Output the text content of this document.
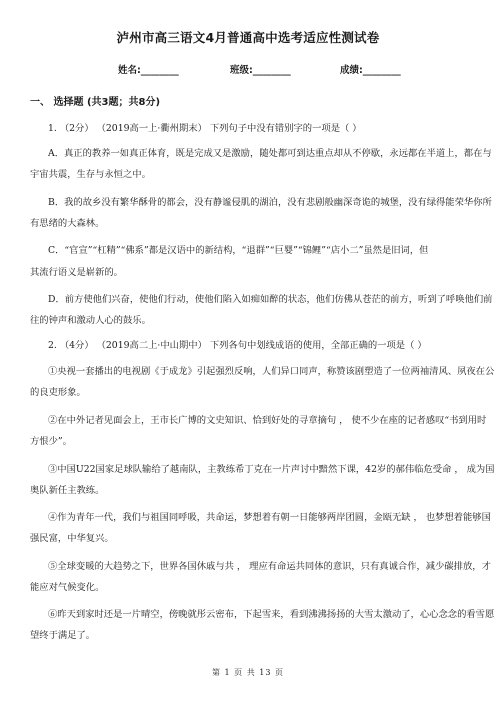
泸州市高三语文4月普通高中选考适应性测试卷
姓名:________	班级:________	成绩:________
一、 选择题 (共3题；共8分)
1. （2分） （2019高一上·衢州期末） 下列句子中没有错别字的一项是（ ）
A．真正的教养一如真正体育，既是完成又是激励，随处都可到达重点却从不停歇，永远都在半道上，都在与
宇宙共震，生存与永恒之中。
B．我的故乡没有繁华酥骨的都会，没有静谧侵肌的湖泊，没有悲剧般幽深奇诡的城堡，没有绿得能荣华你所
有思绪的大森林。
C．“官宣”“杠精”“佛系”都是汉语中的新结构，“退群”“巨婴”“锦鲤”“店小二”虽然是旧词，但
其流行语义是崭新的。
D．前方使他们兴奋，使他们行动，使他们陷入如痴如醉的状态，他们仿佛从苍茫的前方，听到了呼唤他们前
往的钟声和激动人心的鼓乐。
2. （4分） （2019高二上·中山期中） 下列各句中划线成语的使用，全部正确的一项是（ ）
①央视一套播出的电视剧《于成龙》引起强烈反响，人们异口同声，称赞该剧塑造了一位两袖清风、夙夜在公
的良吏形象。
②在中外记者见面会上，王市长广博的文史知识、恰到好处的寻章摘句 ， 使不少在座的记者感叹“书到用时
方恨少”。
③中国U22国家足球队输给了越南队，主教练希丁克在一片声讨中黯然下课，42岁的郝伟临危受命 ， 成为国
奥队新任主教练。
④作为青年一代，我们与祖国同呼吸，共命运，梦想着有朝一日能够两岸团圆，金瓯无缺 ， 也梦想着能够国
强民富，中华复兴。
⑤全球变暖的大趋势之下，世界各国休戚与共 ， 理应有命运共同体的意识，只有真诚合作，减少碳排放，才
能应对气候变化。
⑥昨天到家时还是一片晴空，傍晚就彤云密布，下起雪来，看到沸沸扬扬的大雪太激动了，心心念念的看雪愿
望终于满足了。
第 1 页 共 13 页
